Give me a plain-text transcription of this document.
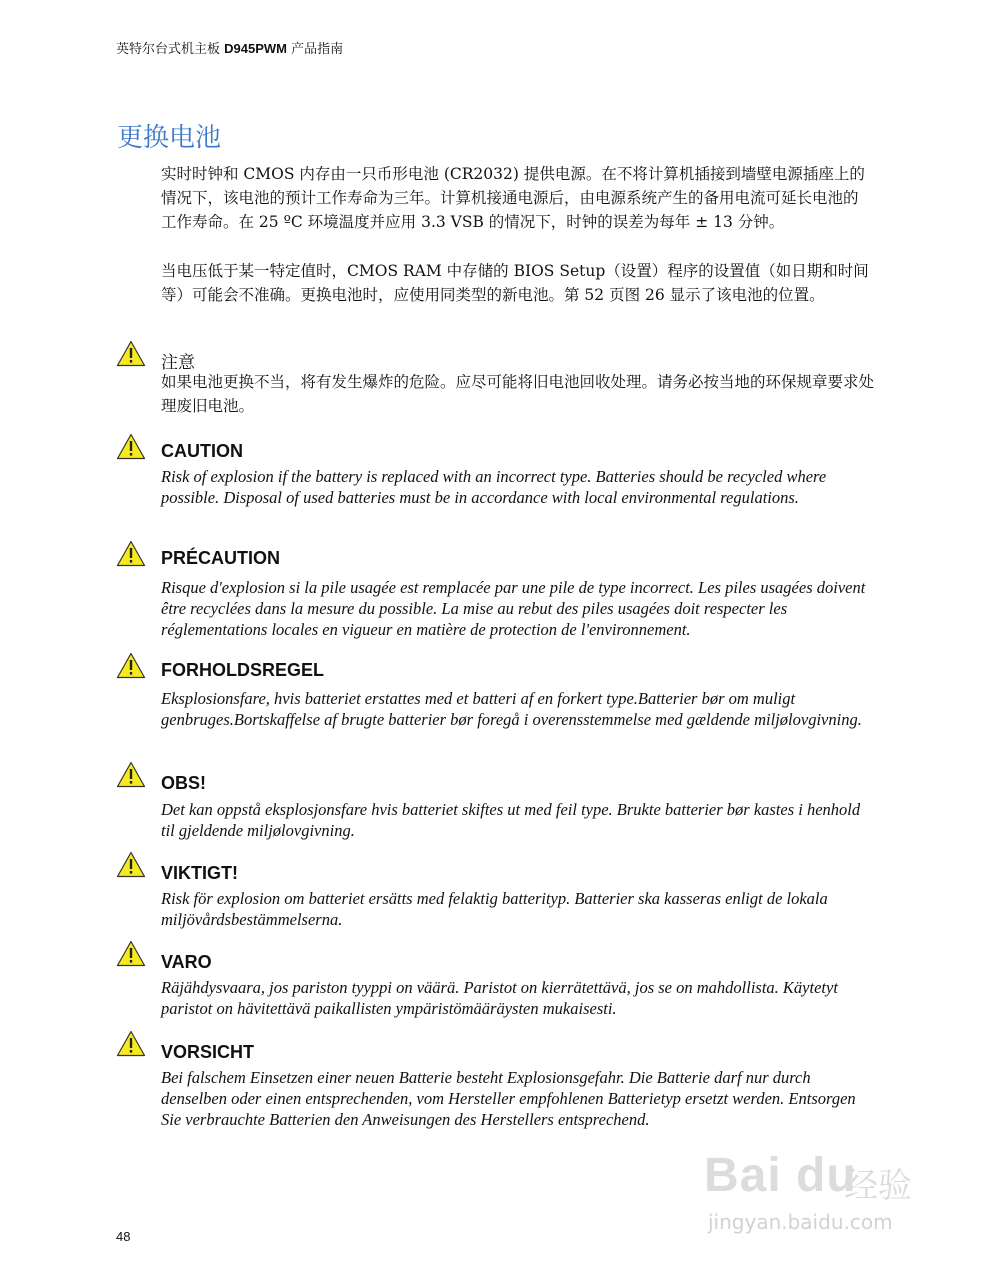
英特尔台式机主板 D945PWM 产品指南
更换电池

实时时钟和 CMOS 内存由一只币形电池 (CR2032) 提供电源。在不将计算机插接到墙壁电源插座上的情况下，该电池的预计工作寿命为三年。计算机接通电源后，由电源系统产生的备用电流可延长电池的工作寿命。在 25 ºC 环境温度并应用 3.3 VSB 的情况下，时钟的误差为每年 ± 13 分钟。

当电压低于某一特定值时，CMOS RAM 中存储的 BIOS Setup（设置）程序的设置值（如日期和时间等）可能会不准确。更换电池时，应使用同类型的新电池。第 52 页图 26 显示了该电池的位置。

注意

如果电池更换不当，将有发生爆炸的危险。应尽可能将旧电池回收处理。请务必按当地的环保规章要求处理废旧电池。

CAUTION

Risk of explosion if the battery is replaced with an incorrect type. Batteries should be recycled where possible. Disposal of used batteries must be in accordance with local environmental regulations.

PRÉCAUTION

Risque d'explosion si la pile usagée est remplacée par une pile de type incorrect. Les piles usagées doivent être recyclées dans la mesure du possible. La mise au rebut des piles usagées doit respecter les réglementations locales en vigueur en matière de protection de l'environnement.

FORHOLDSREGEL

Eksplosionsfare, hvis batteriet erstattes med et batteri af en forkert type.Batterier bør om muligt genbruges.Bortskaffelse af brugte batterier bør foregå i overensstemmelse med gældende miljølovgivning.

OBS!

Det kan oppstå eksplosjonsfare hvis batteriet skiftes ut med feil type. Brukte batterier bør kastes i henhold til gjeldende miljølovgivning.

VIKTIGT!

Risk för explosion om batteriet ersätts med felaktig batterityp. Batterier ska kasseras enligt de lokala miljövårdsbestämmelserna.

VARO

Räjähdysvaara, jos pariston tyyppi on väärä. Paristot on kierrätettävä, jos se on mahdollista. Käytetyt paristot on hävitettävä paikallisten ympäristömääräysten mukaisesti.

VORSICHT

Bei falschem Einsetzen einer neuen Batterie besteht Explosionsgefahr. Die Batterie darf nur durch denselben oder einen entsprechenden, vom Hersteller empfohlenen Batterietyp ersetzt werden. Entsorgen Sie verbrauchte Batterien den Anweisungen des Herstellers entsprechend.

Bai du
经验
jingyan.baidu.com
48
